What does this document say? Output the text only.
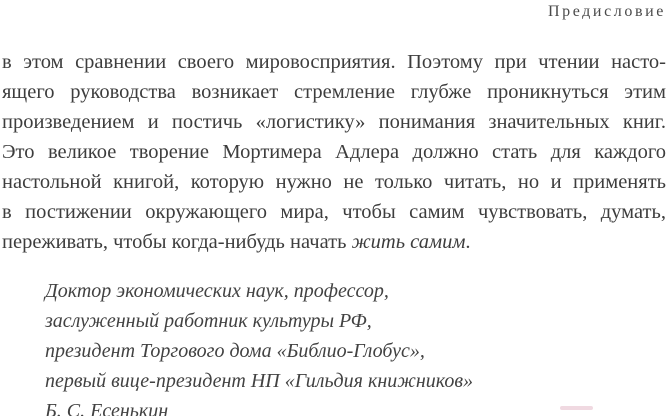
Предисловие
в этом сравнении своего мировосприятия. Поэтому при чтении насто-
ящего руководства возникает стремление глубже проникнуться этим
произведением и постичь «логистику» понимания значительных книг.
Это великое творение Мортимера Адлера должно стать для каждого
настольной книгой, которую нужно не только читать, но и применять
в постижении окружающего мира, чтобы самим чувствовать, думать,
переживать, чтобы когда-нибудь начать жить самим.
Доктор экономических наук, профессор,
заслуженный работник культуры РФ,
президент Торгового дома «Библио-Глобус»,
первый вице-президент НП «Гильдия книжников»
Б. С. Есенькин
